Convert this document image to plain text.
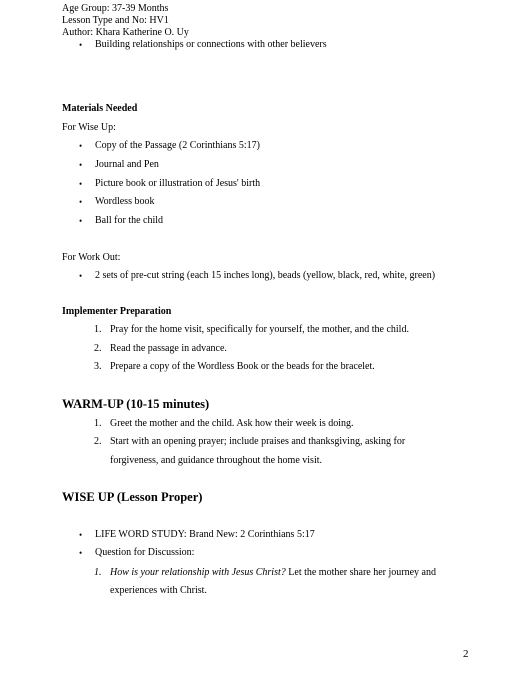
Age Group: 37-39 Months
Lesson Type and No: HV1
Author: Khara Katherine O. Uy
• Building relationships or connections with other believers
Materials Needed
For Wise Up:
• Copy of the Passage (2 Corinthians 5:17)
• Journal and Pen
• Picture book or illustration of Jesus' birth
• Wordless book
• Ball for the child
For Work Out:
• 2 sets of pre-cut string (each 15 inches long), beads (yellow, black, red, white, green)
Implementer Preparation
1. Pray for the home visit, specifically for yourself, the mother, and the child.
2. Read the passage in advance.
3. Prepare a copy of the Wordless Book or the beads for the bracelet.
WARM-UP (10-15 minutes)
1. Greet the mother and the child. Ask how their week is doing.
2. Start with an opening prayer; include praises and thanksgiving, asking for
forgiveness, and guidance throughout the home visit.
WISE UP (Lesson Proper)
• LIFE WORD STUDY: Brand New: 2 Corinthians 5:17
• Question for Discussion:
1. How is your relationship with Jesus Christ? Let the mother share her journey and
experiences with Christ.
2
